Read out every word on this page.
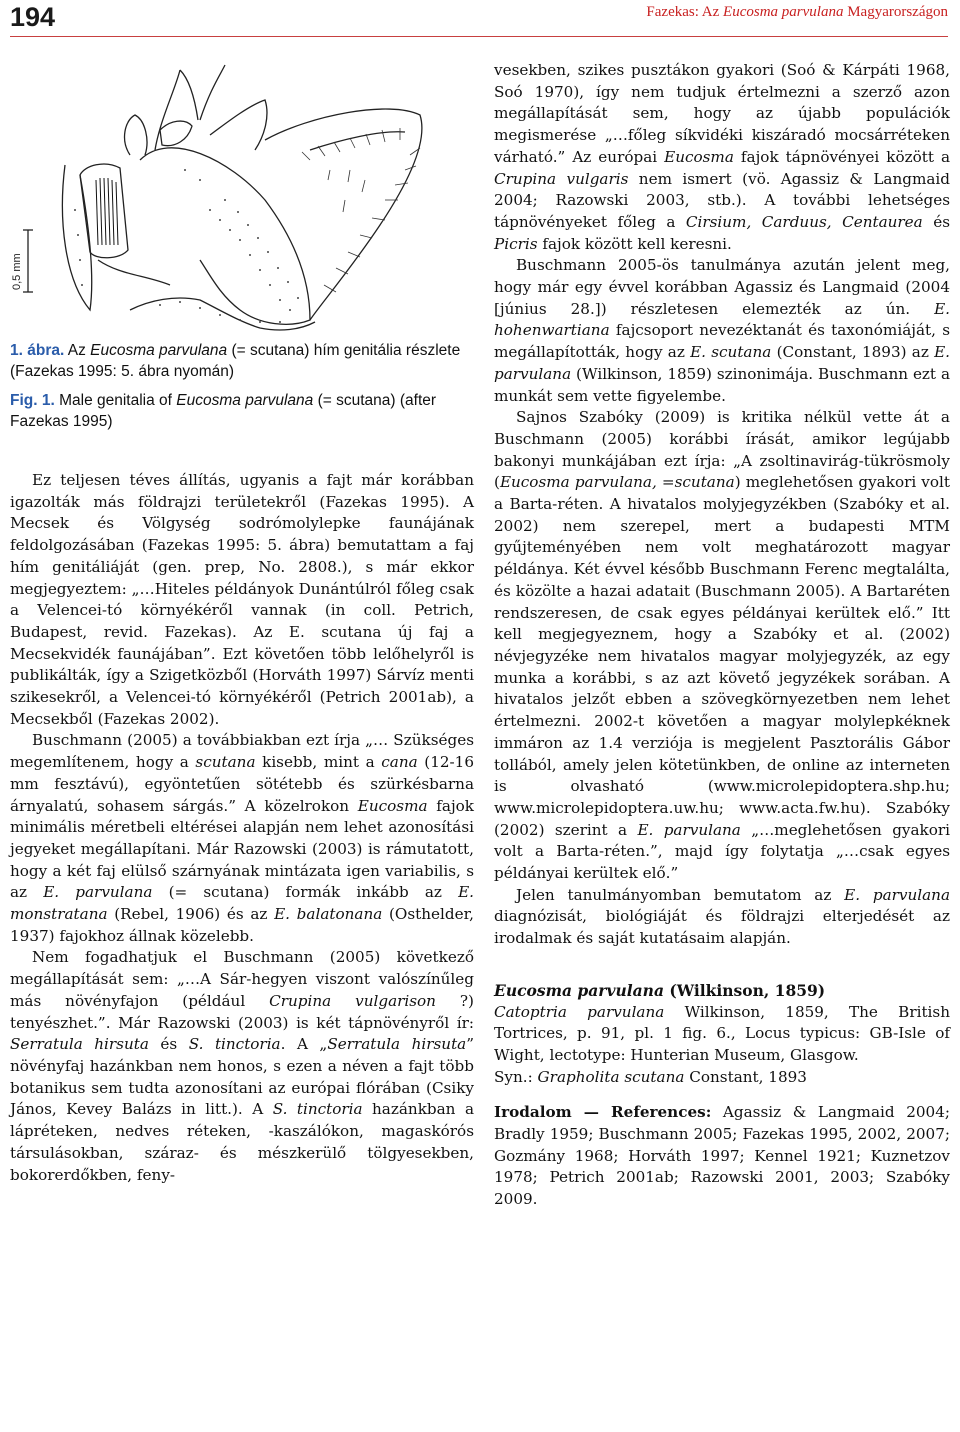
194	Fazekas: Az Eucosma parvulana Magyarországon
0,5 mm

1. ábra. Az Eucosma parvulana (= scutana) hím genitália részlete (Fazekas 1995: 5. ábra nyomán)

Fig. 1. Male genitalia of Eucosma parvulana (= scutana) (after Fazekas 1995)

Ez teljesen téves állítás, ugyanis a fajt már korábban igazolták más földrajzi területekről (Fazekas 1995). A Mecsek és Völgység sodrómolylepke faunájának feldolgozásában (Fazekas 1995: 5. ábra) bemutattam a faj hím genitáliáját (gen. prep, No. 2808.), s már ekkor megjegyeztem: „…Hiteles példányok Dunántúlról főleg csak a Velencei-tó környékéről vannak (in coll. Petrich, Budapest, revid. Fazekas). Az E. scutana új faj a Mecsekvidék faunájában”. Ezt követően több lelőhelyről is publikálták, így a Szigetközből (Horváth 1997) Sárvíz menti szikesekről, a Velencei-tó környékéről (Petrich 2001ab), a Mecsekből (Fazekas 2002).

Buschmann (2005) a továbbiakban ezt írja „… Szükséges megemlítenem, hogy a scutana kisebb, mint a cana (12-16 mm fesztávú), egyöntetűen sötétebb és szürkésbarna árnyalatú, sohasem sárgás.” A közelrokon Eucosma fajok minimális méretbeli eltérései alapján nem lehet azonosítási jegyeket megállapítani. Már Razowski (2003) is rámutatott, hogy a két faj elülső szárnyának mintázata igen variabilis, s az E. parvulana (= scutana) formák inkább az E. monstratana (Rebel, 1906) és az E. balatonana (Osthelder, 1937) fajokhoz állnak közelebb.

Nem fogadhatjuk el Buschmann (2005) következő megállapítását sem: „…A Sár-hegyen viszont valószínűleg más növényfajon (például Crupina vulgarison ?) tenyészhet.”. Már Razowski (2003) is két tápnövényről ír: Serratula hirsuta és S. tinctoria. A „Serratula hirsuta” növényfaj hazánkban nem honos, s ezen a néven a fajt több botanikus sem tudta azonosítani az európai flórában (Csiky János, Kevey Balázs in litt.). A S. tinctoria hazánkban a lápréteken, nedves réteken, -kaszálókon, magaskórós társulásokban, száraz- és mészkerülő tölgyesekben, bokorerdőkben, feny-

vesekben, szikes pusztákon gyakori (Soó & Kárpáti 1968, Soó 1970), így nem tudjuk értelmezni a szerző azon megállapítását sem, hogy az újabb populációk megismerése „…főleg síkvidéki kiszáradó mocsárréteken várható.” Az európai Eucosma fajok tápnövényei között a Crupina vulgaris nem ismert (vö. Agassiz & Langmaid 2004; Razowski 2003, stb.). A további lehetséges tápnövényeket főleg a Cirsium, Carduus, Centaurea és Picris fajok között kell keresni.

Buschmann 2005-ös tanulmánya azután jelent meg, hogy már egy évvel korábban Agassiz és Langmaid (2004 [június 28.]) részletesen elemezték az ún. E. hohenwartiana fajcsoport nevezéktanát és taxonómiáját, s megállapították, hogy az E. scutana (Constant, 1893) az E. parvulana (Wilkinson, 1859) szinonimája. Buschmann ezt a munkát sem vette figyelembe.

Sajnos Szabóky (2009) is kritika nélkül vette át a Buschmann (2005) korábbi írását, amikor legújabb bakonyi munkájában ezt írja: „A zsoltinavirág-tükrösmoly (Eucosma parvulana, =scutana) meglehetősen gyakori volt a Barta-réten. A hivatalos molyjegyzékben (Szabóky et al. 2002) nem szerepel, mert a budapesti MTM gyűjteményében nem volt meghatározott magyar példánya. Két évvel később Buschmann Ferenc megtalálta, és közölte a hazai adatait (Buschmann 2005). A Bartaréten rendszeresen, de csak egyes példányai kerültek elő.” Itt kell megjegyeznem, hogy a Szabóky et al. (2002) névjegyzéke nem hivatalos magyar molyjegyzék, az egy munka a korábbi, s az azt követő jegyzékek sorában. A hivatalos jelzőt ebben a szövegkörnyezetben nem lehet értelmezni. 2002-t követően a magyar molylepkéknek immáron az 1.4 verziója is megjelent Pasztorális Gábor tollából, amely jelen kötetünkben, de online az interneten is olvasható (www.microlepidoptera.shp.hu; www.microlepidoptera.uw.hu; www.acta.fw.hu). Szabóky (2002) szerint a E. parvulana „…meglehetősen gyakori volt a Barta-réten.”, majd így folytatja „…csak egyes példányai kerültek elő.”

Jelen tanulmányomban bemutatom az E. parvulana diagnózisát, biológiáját és földrajzi elterjedését az irodalmak és saját kutatásaim alapján.

Eucosma parvulana (Wilkinson, 1859)

Catoptria parvulana Wilkinson, 1859, The British Tortrices, p. 91, pl. 1 fig. 6., Locus typicus: GB-Isle of Wight, lectotype: Hunterian Museum, Glasgow.

Syn.: Grapholita scutana Constant, 1893

Irodalom — References: Agassiz & Langmaid 2004; Bradly 1959; Buschmann 2005; Fazekas 1995, 2002, 2007; Gozmány 1968; Horváth 1997; Kennel 1921; Kuznetzov 1978; Petrich 2001ab; Razowski 2001, 2003; Szabóky 2009.
